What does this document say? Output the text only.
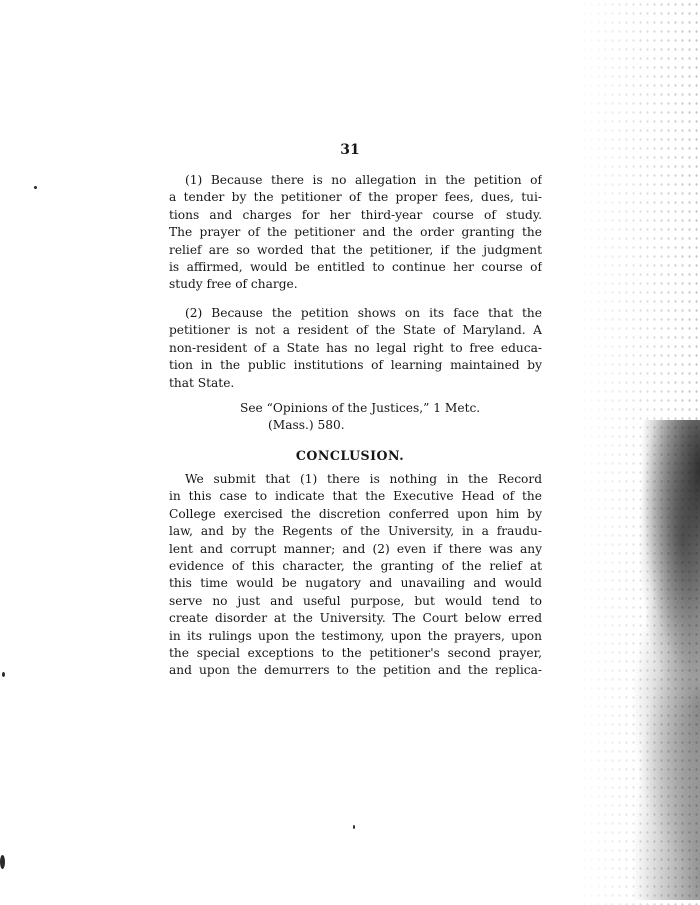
31
(1) Because there is no allegation in the petition of
a tender by the petitioner of the proper fees, dues, tui-
tions and charges for her third-year course of study.
The prayer of the petitioner and the order granting the
relief are so worded that the petitioner, if the judgment
is affirmed, would be entitled to continue her course of
study free of charge.
(2) Because the petition shows on its face that the
petitioner is not a resident of the State of Maryland. A
non-resident of a State has no legal right to free educa-
tion in the public institutions of learning maintained by
that State.
See “Opinions of the Justices,” 1 Metc.
(Mass.) 580.
CONCLUSION.
We submit that (1) there is nothing in the Record
in this case to indicate that the Executive Head of the
College exercised the discretion conferred upon him by
law, and by the Regents of the University, in a fraudu-
lent and corrupt manner; and (2) even if there was any
evidence of this character, the granting of the relief at
this time would be nugatory and unavailing and would
serve no just and useful purpose, but would tend to
create disorder at the University. The Court below erred
in its rulings upon the testimony, upon the prayers, upon
the special exceptions to the petitioner's second prayer,
and upon the demurrers to the petition and the replica-
